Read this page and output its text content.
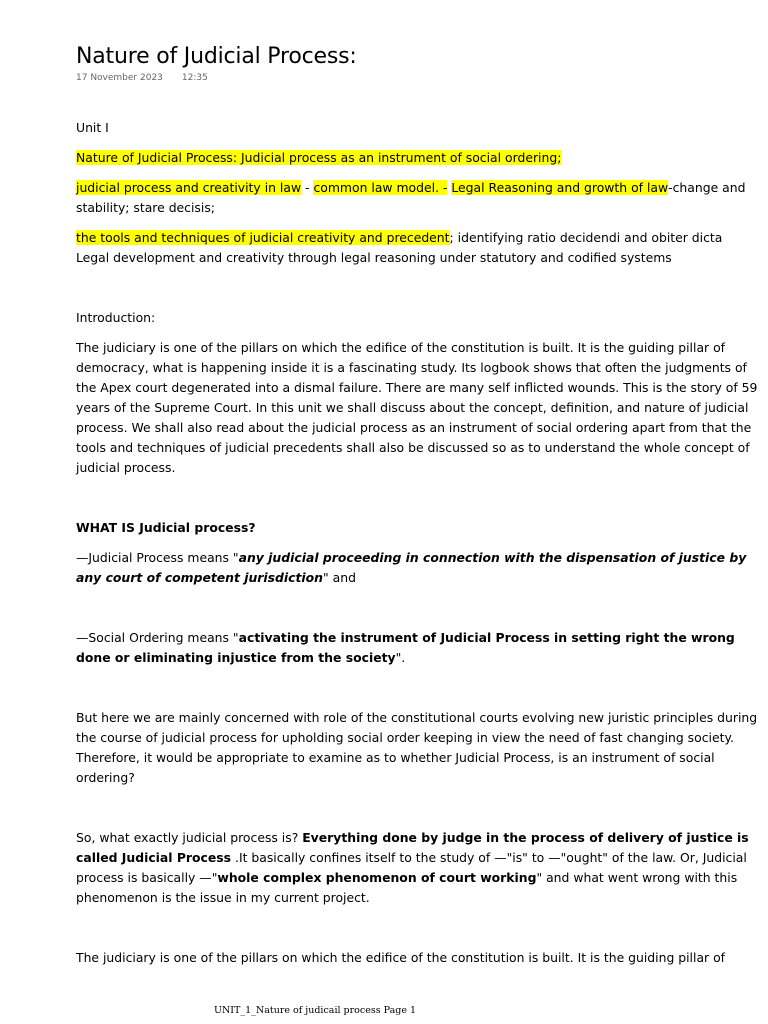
Nature of Judicial Process:
17 November 2023 12:35

Unit I

Nature of Judicial Process: Judicial process as an instrument of social ordering;

judicial process and creativity in law - common law model. - Legal Reasoning and growth of law-change and stability; stare decisis;

the tools and techniques of judicial creativity and precedent; identifying ratio decidendi and obiter dicta

Legal development and creativity through legal reasoning under statutory and codified systems

Introduction:

The judiciary is one of the pillars on which the edifice of the constitution is built. It is the guiding pillar of democracy, what is happening inside it is a fascinating study. Its logbook shows that often the judgments of the Apex court degenerated into a dismal failure. There are many self inflicted wounds. This is the story of 59 years of the Supreme Court. In this unit we shall discuss about the concept, definition, and nature of judicial process. We shall also read about the judicial process as an instrument of social ordering apart from that the tools and techniques of judicial precedents shall also be discussed so as to understand the whole concept of judicial process.

WHAT IS Judicial process?

—Judicial Process means "any judicial proceeding in connection with the dispensation of justice by any court of competent jurisdiction" and

—Social Ordering means "activating the instrument of Judicial Process in setting right the wrong done or eliminating injustice from the society".

But here we are mainly concerned with role of the constitutional courts evolving new juristic principles during the course of judicial process for upholding social order keeping in view the need of fast changing society. Therefore, it would be appropriate to examine as to whether Judicial Process, is an instrument of social ordering?

So, what exactly judicial process is? Everything done by judge in the process of delivery of justice is called Judicial Process .It basically confines itself to the study of —"is" to —"ought" of the law. Or, Judicial process is basically —"whole complex phenomenon of court working" and what went wrong with this phenomenon is the issue in my current project.

The judiciary is one of the pillars on which the edifice of the constitution is built. It is the guiding pillar of

UNIT_1_Nature of judicail process Page 1
